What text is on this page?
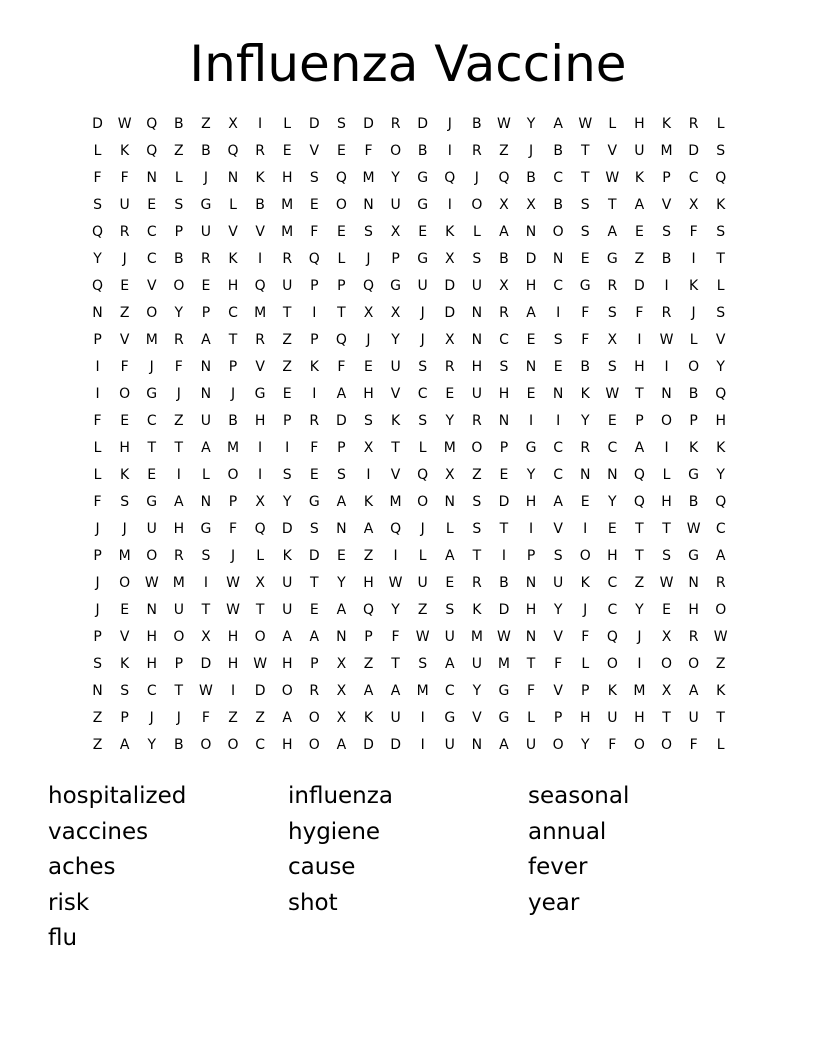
Influenza Vaccine
D	W	Q	B	Z	X	I	L	D	S	D	R	D	J	B	W	Y	A	W	L	H	K	R	L
L	K	Q	Z	B	Q	R	E	V	E	F	O	B	I	R	Z	J	B	T	V	U	M	D	S
F	F	N	L	J	N	K	H	S	Q	M	Y	G	Q	J	Q	B	C	T	W	K	P	C	Q
S	U	E	S	G	L	B	M	E	O	N	U	G	I	O	X	X	B	S	T	A	V	X	K
Q	R	C	P	U	V	V	M	F	E	S	X	E	K	L	A	N	O	S	A	E	S	F	S
Y	J	C	B	R	K	I	R	Q	L	J	P	G	X	S	B	D	N	E	G	Z	B	I	T
Q	E	V	O	E	H	Q	U	P	P	Q	G	U	D	U	X	H	C	G	R	D	I	K	L
N	Z	O	Y	P	C	M	T	I	T	X	X	J	D	N	R	A	I	F	S	F	R	J	S
P	V	M	R	A	T	R	Z	P	Q	J	Y	J	X	N	C	E	S	F	X	I	W	L	V
I	F	J	F	N	P	V	Z	K	F	E	U	S	R	H	S	N	E	B	S	H	I	O	Y
I	O	G	J	N	J	G	E	I	A	H	V	C	E	U	H	E	N	K	W	T	N	B	Q
F	E	C	Z	U	B	H	P	R	D	S	K	S	Y	R	N	I	I	Y	E	P	O	P	H
L	H	T	T	A	M	I	I	F	P	X	T	L	M	O	P	G	C	R	C	A	I	K	K
L	K	E	I	L	O	I	S	E	S	I	V	Q	X	Z	E	Y	C	N	N	Q	L	G	Y
F	S	G	A	N	P	X	Y	G	A	K	M	O	N	S	D	H	A	E	Y	Q	H	B	Q
J	J	U	H	G	F	Q	D	S	N	A	Q	J	L	S	T	I	V	I	E	T	T	W	C
P	M	O	R	S	J	L	K	D	E	Z	I	L	A	T	I	P	S	O	H	T	S	G	A
J	O	W	M	I	W	X	U	T	Y	H	W	U	E	R	B	N	U	K	C	Z	W	N	R
J	E	N	U	T	W	T	U	E	A	Q	Y	Z	S	K	D	H	Y	J	C	Y	E	H	O
P	V	H	O	X	H	O	A	A	N	P	F	W	U	M	W	N	V	F	Q	J	X	R	W
S	K	H	P	D	H	W	H	P	X	Z	T	S	A	U	M	T	F	L	O	I	O	O	Z
N	S	C	T	W	I	D	O	R	X	A	A	M	C	Y	G	F	V	P	K	M	X	A	K
Z	P	J	J	F	Z	Z	A	O	X	K	U	I	G	V	G	L	P	H	U	H	T	U	T
Z	A	Y	B	O	O	C	H	O	A	D	D	I	U	N	A	U	O	Y	F	O	O	F	L
hospitalized	influenza	seasonal
vaccines	hygiene	annual
aches	cause	fever
risk	shot	year
flu
